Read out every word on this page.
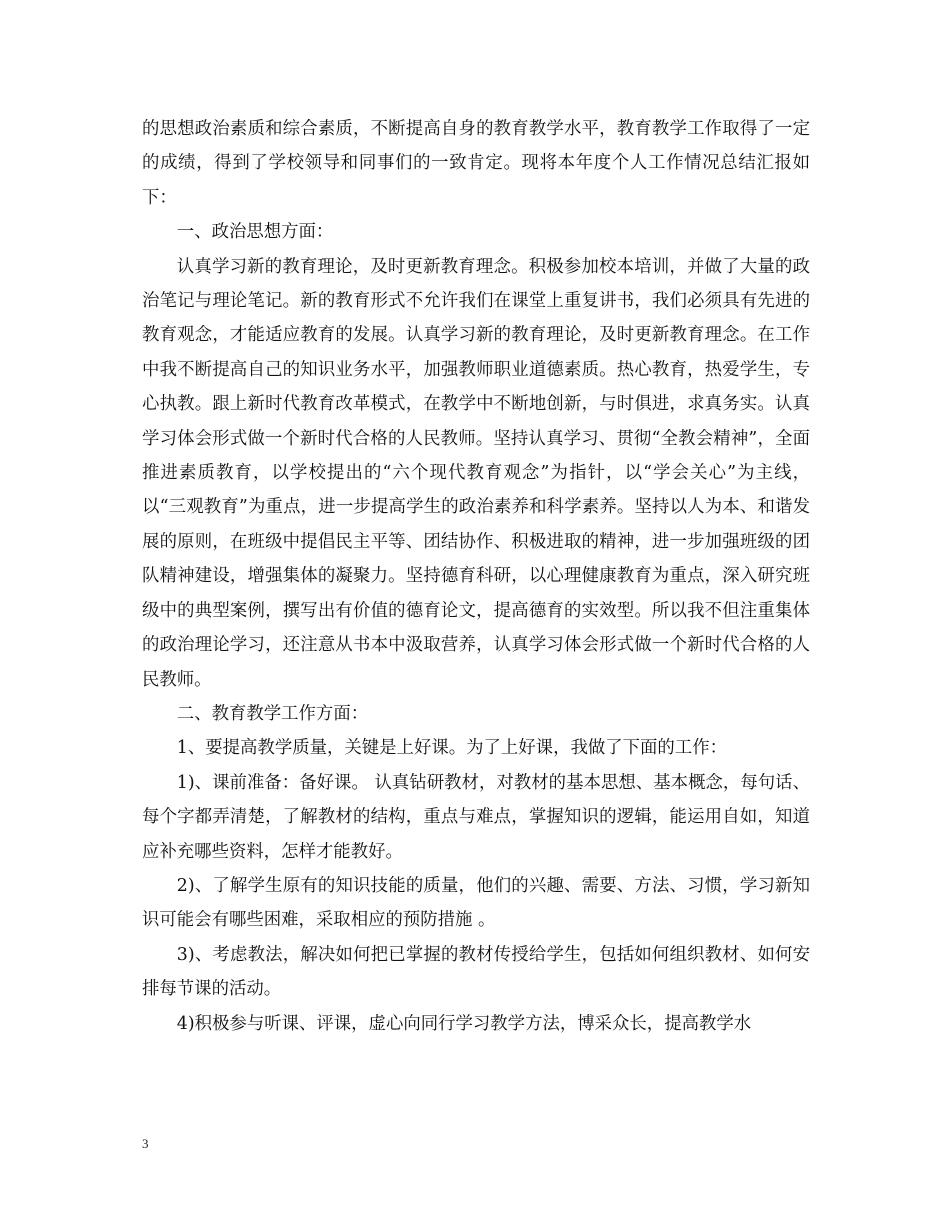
的思想政治素质和综合素质，不断提高自身的教育教学水平，教育教学工作取得了一定的成绩，得到了学校领导和同事们的一致肯定。现将本年度个人工作情况总结汇报如下：

一、政治思想方面：

认真学习新的教育理论，及时更新教育理念。积极参加校本培训，并做了大量的政治笔记与理论笔记。新的教育形式不允许我们在课堂上重复讲书，我们必须具有先进的教育观念，才能适应教育的发展。认真学习新的教育理论，及时更新教育理念。在工作中我不断提高自己的知识业务水平，加强教师职业道德素质。热心教育，热爱学生，专心执教。跟上新时代教育改革模式，在教学中不断地创新，与时俱进，求真务实。认真学习体会形式做一个新时代合格的人民教师。坚持认真学习、贯彻“全教会精神”，全面推进素质教育，以学校提出的“六个现代教育观念”为指针，以“学会关心”为主线，以“三观教育”为重点，进一步提高学生的政治素养和科学素养。坚持以人为本、和谐发展的原则，在班级中提倡民主平等、团结协作、积极进取的精神，进一步加强班级的团队精神建设，增强集体的凝聚力。坚持德育科研，以心理健康教育为重点，深入研究班级中的典型案例，撰写出有价值的德育论文，提高德育的实效型。所以我不但注重集体的政治理论学习，还注意从书本中汲取营养，认真学习体会形式做一个新时代合格的人民教师。

二、教育教学工作方面：

1、要提高教学质量，关键是上好课。为了上好课，我做了下面的工作：

1)、课前准备：备好课。 认真钻研教材，对教材的基本思想、基本概念，每句话、每个字都弄清楚，了解教材的结构，重点与难点，掌握知识的逻辑，能运用自如，知道应补充哪些资料，怎样才能教好。

2)、了解学生原有的知识技能的质量，他们的兴趣、需要、方法、习惯，学习新知识可能会有哪些困难，采取相应的预防措施 。

3)、考虑教法，解决如何把已掌握的教材传授给学生，包括如何组织教材、如何安排每节课的活动。

4)积极参与听课、评课，虚心向同行学习教学方法，博采众长，提高教学水

3
